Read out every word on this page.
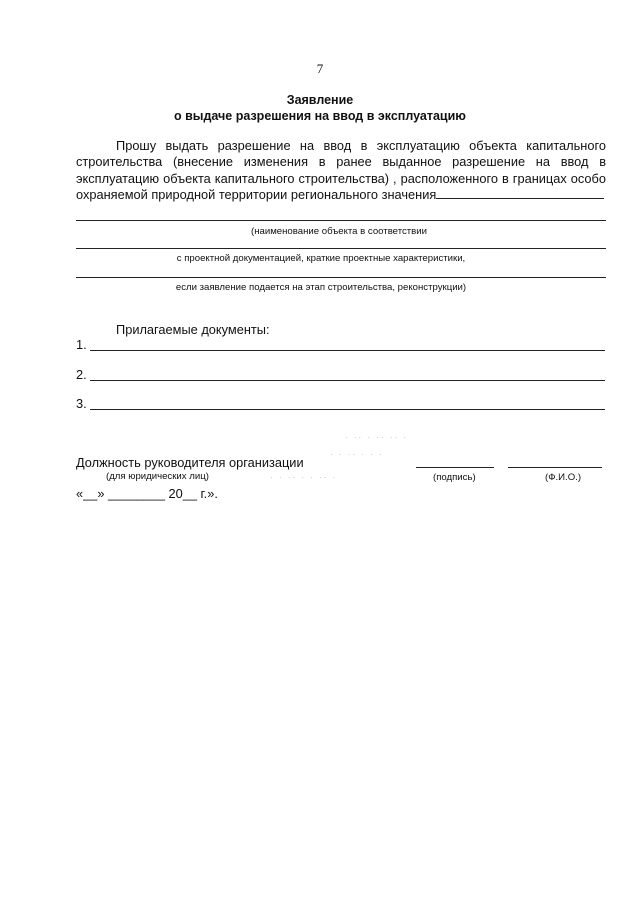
7
Заявление
о выдаче разрешения на ввод в эксплуатацию
Прошу выдать разрешение на ввод в эксплуатацию объекта капитального строительства (внесение изменения в ранее выданное разрешение на ввод в эксплуатацию объекта капитального строительства) , расположенного в границах особо охраняемой природной территории регионального значения
(наименование объекта в соответствии
с проектной документацией, краткие проектные характеристики,
если заявление подается на этап строительства, реконструкции)
Прилагаемые документы:
1.
2.
3.
· ·· · ·· ·· ·
· · ·· · · ·
· · ·· · · ·· ·
Должность руководителя организации
(для юридических лиц)	(подпись)	(Ф.И.О.)
«__» ________ 20__ г.».
